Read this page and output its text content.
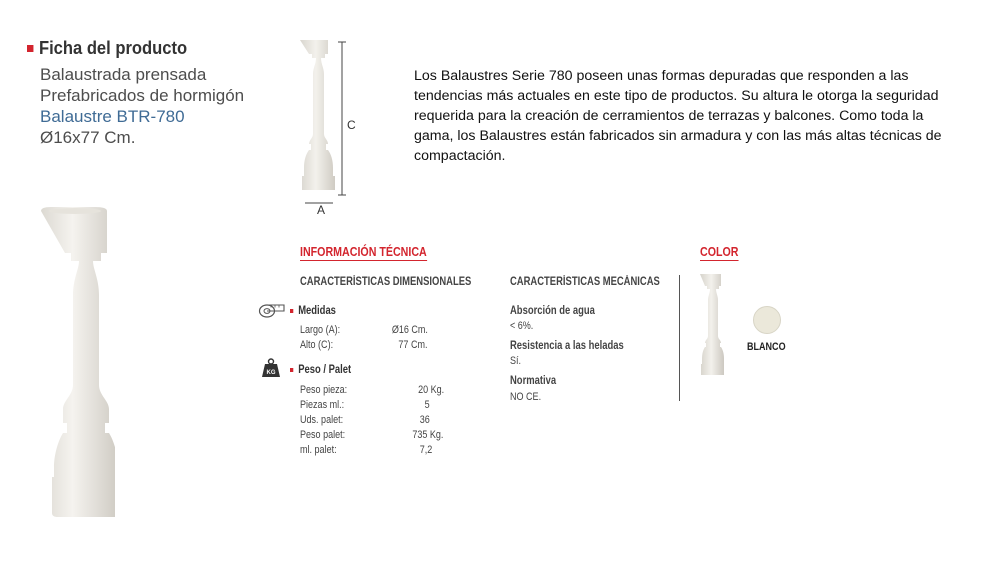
Ficha del producto
Balaustrada prensada
Prefabricados de hormigón
Balaustre BTR-780
Ø16x77 Cm.
C
A
Los Balaustres Serie 780 poseen unas formas depuradas que responden a las tendencias más actuales en este tipo de productos. Su altura le otorga la seguridad requerida para la creación de cerramientos de terrazas y balcones. Como toda la gama, los Balaustres están fabricados sin armadura y con las más altas técnicas de compactación.
INFORMACIÓN TÉCNICA
CARACTERÍSTICAS DIMENSIONALES	CARACTERÍSTICAS MECÁNICAS
Medidas
Largo (A):	Ø16 Cm.
Alto (C):	77 Cm.
KG Peso / Palet
Peso pieza:	20 Kg.
Piezas ml.:	5
Uds. palet:	36
Peso palet:	735 Kg.
ml. palet:	7,2
Absorción de agua
< 6%.
Resistencia a las heladas
Sí.
Normativa
NO CE.
COLOR
BLANCO
